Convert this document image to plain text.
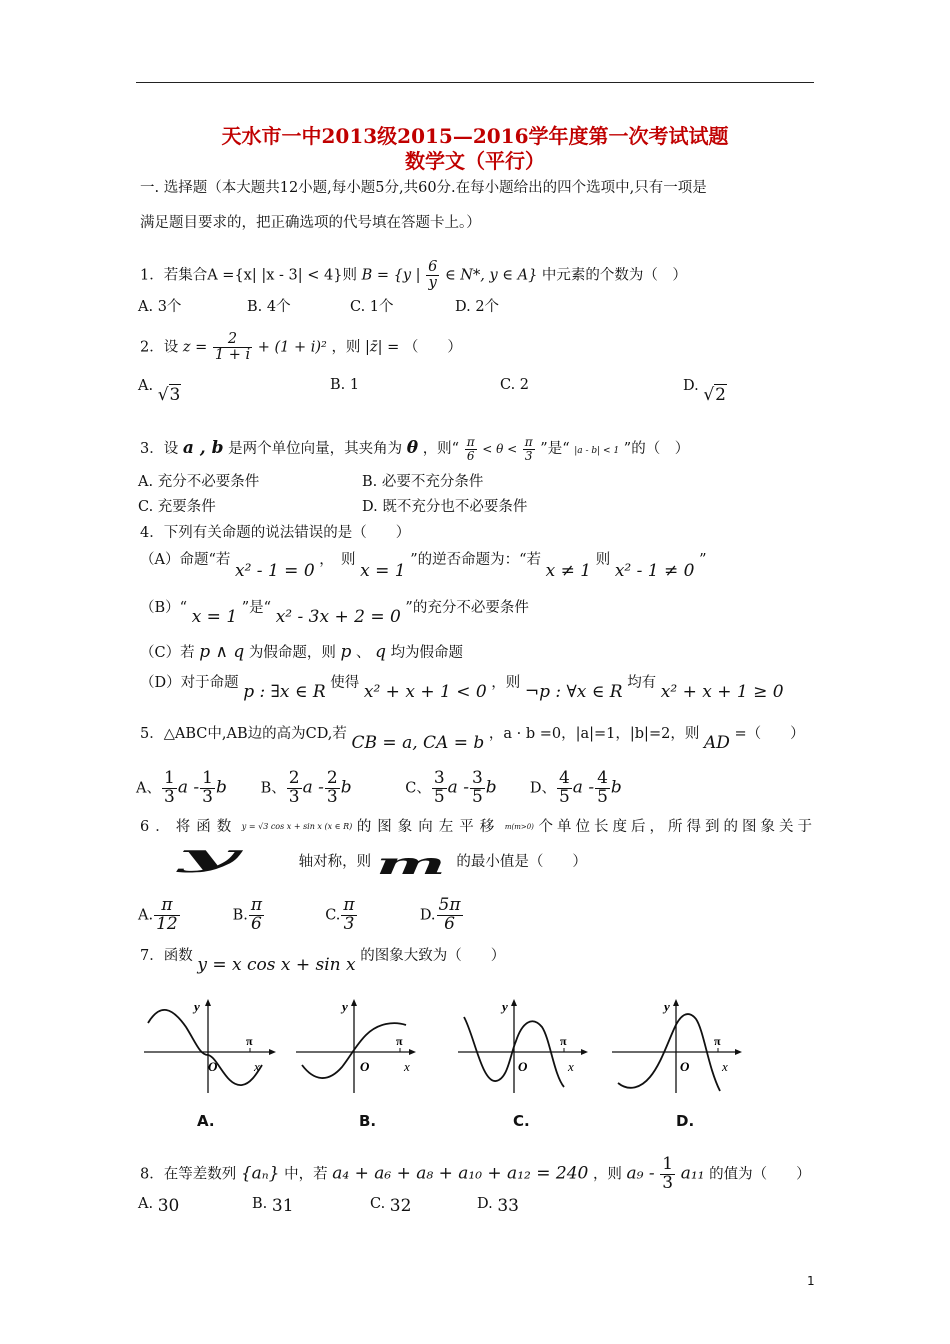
天水市一中2013级2015—2016学年度第一次考试试题
数学文（平行）
一. 选择题（本大题共12小题,每小题5分,共60分.在每小题给出的四个选项中,只有一项是
满足题目要求的，把正确选项的代号填在答题卡上。）
1．若集合A ={x| |x - 3| < 4}则 B = {y | $\frac{6}{y}$ ∈ N*, y ∈ A} 中元素的个数为（　）
A. 3个	B. 4个	C. 1个	D. 2个
2．设 $z = \frac{2}{1 + i} + (1 + i)^2$ ，则 |z̄| = （　　）
A. √3	B. 1	C. 2	D. √2
3．设 a , b 是两个单位向量，其夹角为 θ ，则“ $\frac{\pi}{6} < \theta < \frac{\pi}{3}$ ”是“ |a - b| < 1 ”的（　）
A. 充分不必要条件	B. 必要不充分条件
C. 充要条件	D. 既不充分也不必要条件
4．下列有关命题的说法错误的是（　　）
（A）命题“若 x² - 1 = 0 ，　则 x = 1 ”的逆否命题为：“若 x ≠ 1 则 x² - 1 ≠ 0 ”
（B）“ x = 1 ”是“ x² - 3x + 2 = 0 ”的充分不必要条件
（C）若 p ∧ q 为假命题，则 p 、 q 均为假命题
（D）对于命题 p : ∃x ∈ R 使得 x² + x + 1 < 0 ，则 ¬p : ∀x ∈ R 均有 x² + x + 1 ≥ 0
5．△ABC中,AB边的高为CD,若 CB = a, CA = b ，a · b =0，|a|=1，|b|=2，则 AD =（　　）
A、 $\frac{1}{3}$ a - $\frac{1}{3}$ b B、 $\frac{2}{3}$ a - $\frac{2}{3}$ b	C、 $\frac{3}{5}$ a - $\frac{3}{5}$ b D、 $\frac{4}{5}$ a - $\frac{4}{5}$ b
6．将函数 y = √3 cos x + sin x (x ∈ R) 的图象向左平移 m(m>0) 个单位长度后，所得到的图象关于
y	轴对称，则 m 的最小值是（　　）
A. $\frac{\pi}{12}$	B. $\frac{\pi}{6}$	C. $\frac{\pi}{3}$	D. $\frac{5\pi}{6}$
7．函数 y = x cos x + sin x 的图象大致为（　　）
y
O
π
x
y
O
π
x
y
O
π
x
y
O
π
x
A.	B.	C.	D.
8．在等差数列 {aₙ} 中，若 a₄ + a₆ + a₈ + a₁₀ + a₁₂ = 240 ，则 $a_9 - \frac{1}{3} a_{11}$ 的值为（　　）
A. 30	B. 31	C. 32	D. 33
1
